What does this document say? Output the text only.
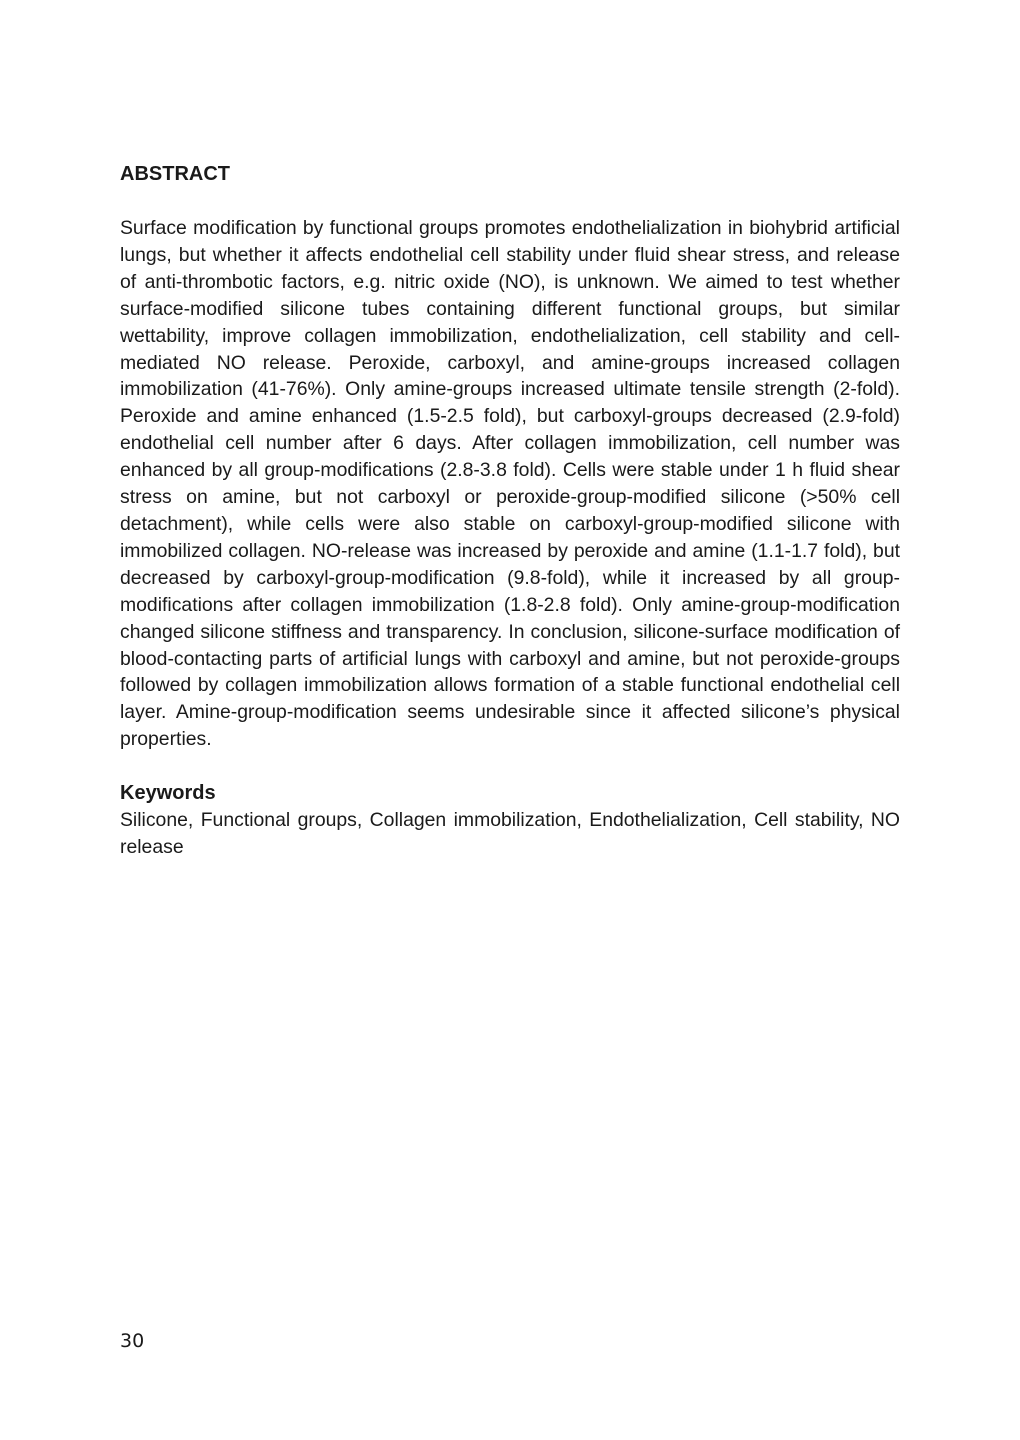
ABSTRACT

Surface modification by functional groups promotes endothelialization in biohybrid artificial lungs, but whether it affects endothelial cell stability under fluid shear stress, and release of anti-thrombotic factors, e.g. nitric oxide (NO), is unknown. We aimed to test whether surface-modified silicone tubes containing different functional groups, but similar wettability, improve collagen immobilization, endothelialization, cell stability and cell-mediated NO release. Peroxide, carboxyl, and amine-groups increased collagen immobilization (41-76%). Only amine-groups increased ultimate tensile strength (2-fold). Peroxide and amine enhanced (1.5-2.5 fold), but carboxyl-groups decreased (2.9-fold) endothelial cell number after 6 days. After collagen immobilization, cell number was enhanced by all group-modifications (2.8-3.8 fold). Cells were stable under 1 h fluid shear stress on amine, but not carboxyl or peroxide-group-modified silicone (>50% cell detachment), while cells were also stable on carboxyl-group-modified silicone with immobilized collagen. NO-release was increased by peroxide and amine (1.1-1.7 fold), but decreased by carboxyl-group-modification (9.8-fold), while it increased by all group-modifications after collagen immobilization (1.8-2.8 fold). Only amine-group-modification changed silicone stiffness and transparency. In conclusion, silicone-surface modification of blood-contacting parts of artificial lungs with carboxyl and amine, but not peroxide-groups followed by collagen immobilization allows formation of a stable functional endothelial cell layer. Amine-group-modification seems undesirable since it affected silicone’s physical properties.

Keywords

Silicone, Functional groups, Collagen immobilization, Endothelialization, Cell stability, NO release

30
